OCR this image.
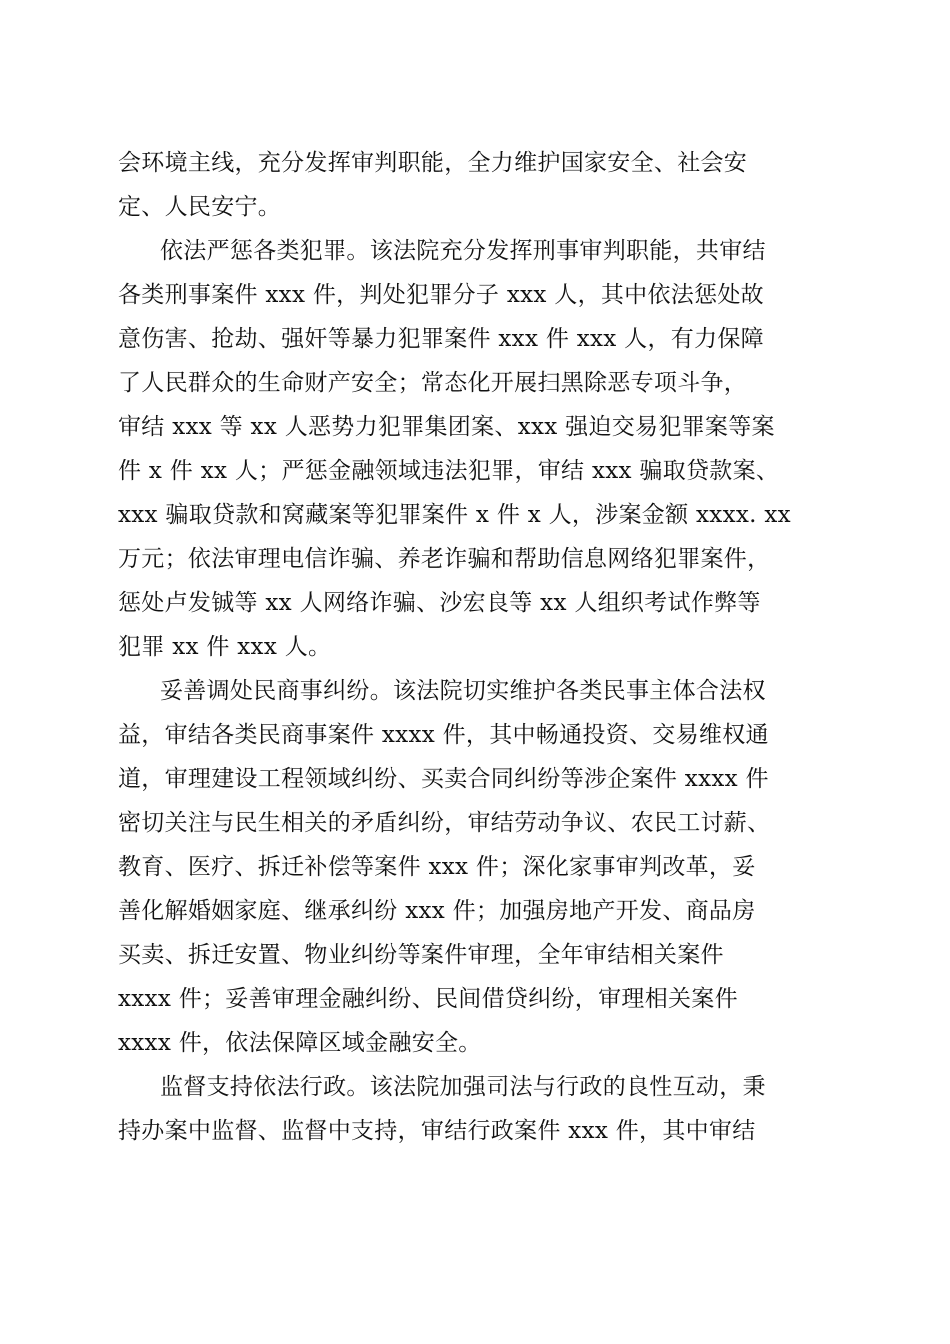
会环境主线，充分发挥审判职能，全力维护国家安全、社会安
定、人民安宁。
依法严惩各类犯罪。该法院充分发挥刑事审判职能，共审结
各类刑事案件 xxx 件，判处犯罪分子 xxx 人，其中依法惩处故
意伤害、抢劫、强奸等暴力犯罪案件 xxx 件 xxx 人，有力保障
了人民群众的生命财产安全；常态化开展扫黑除恶专项斗争，
审结 xxx 等 xx 人恶势力犯罪集团案、xxx 强迫交易犯罪案等案
件 x 件 xx 人；严惩金融领域违法犯罪，审结 xxx 骗取贷款案、
xxx 骗取贷款和窝藏案等犯罪案件 x 件 x 人，涉案金额 xxxx. xx
万元；依法审理电信诈骗、养老诈骗和帮助信息网络犯罪案件，
惩处卢发铖等 xx 人网络诈骗、沙宏良等 xx 人组织考试作弊等
犯罪 xx 件 xxx 人。
妥善调处民商事纠纷。该法院切实维护各类民事主体合法权
益，审结各类民商事案件 xxxx 件，其中畅通投资、交易维权通
道，审理建设工程领域纠纷、买卖合同纠纷等涉企案件 xxxx 件
密切关注与民生相关的矛盾纠纷，审结劳动争议、农民工讨薪、
教育、医疗、拆迁补偿等案件 xxx 件；深化家事审判改革，妥
善化解婚姻家庭、继承纠纷 xxx 件；加强房地产开发、商品房
买卖、拆迁安置、物业纠纷等案件审理，全年审结相关案件
xxxx 件；妥善审理金融纠纷、民间借贷纠纷，审理相关案件
xxxx 件，依法保障区域金融安全。
监督支持依法行政。该法院加强司法与行政的良性互动，秉
持办案中监督、监督中支持，审结行政案件 xxx 件，其中审结
